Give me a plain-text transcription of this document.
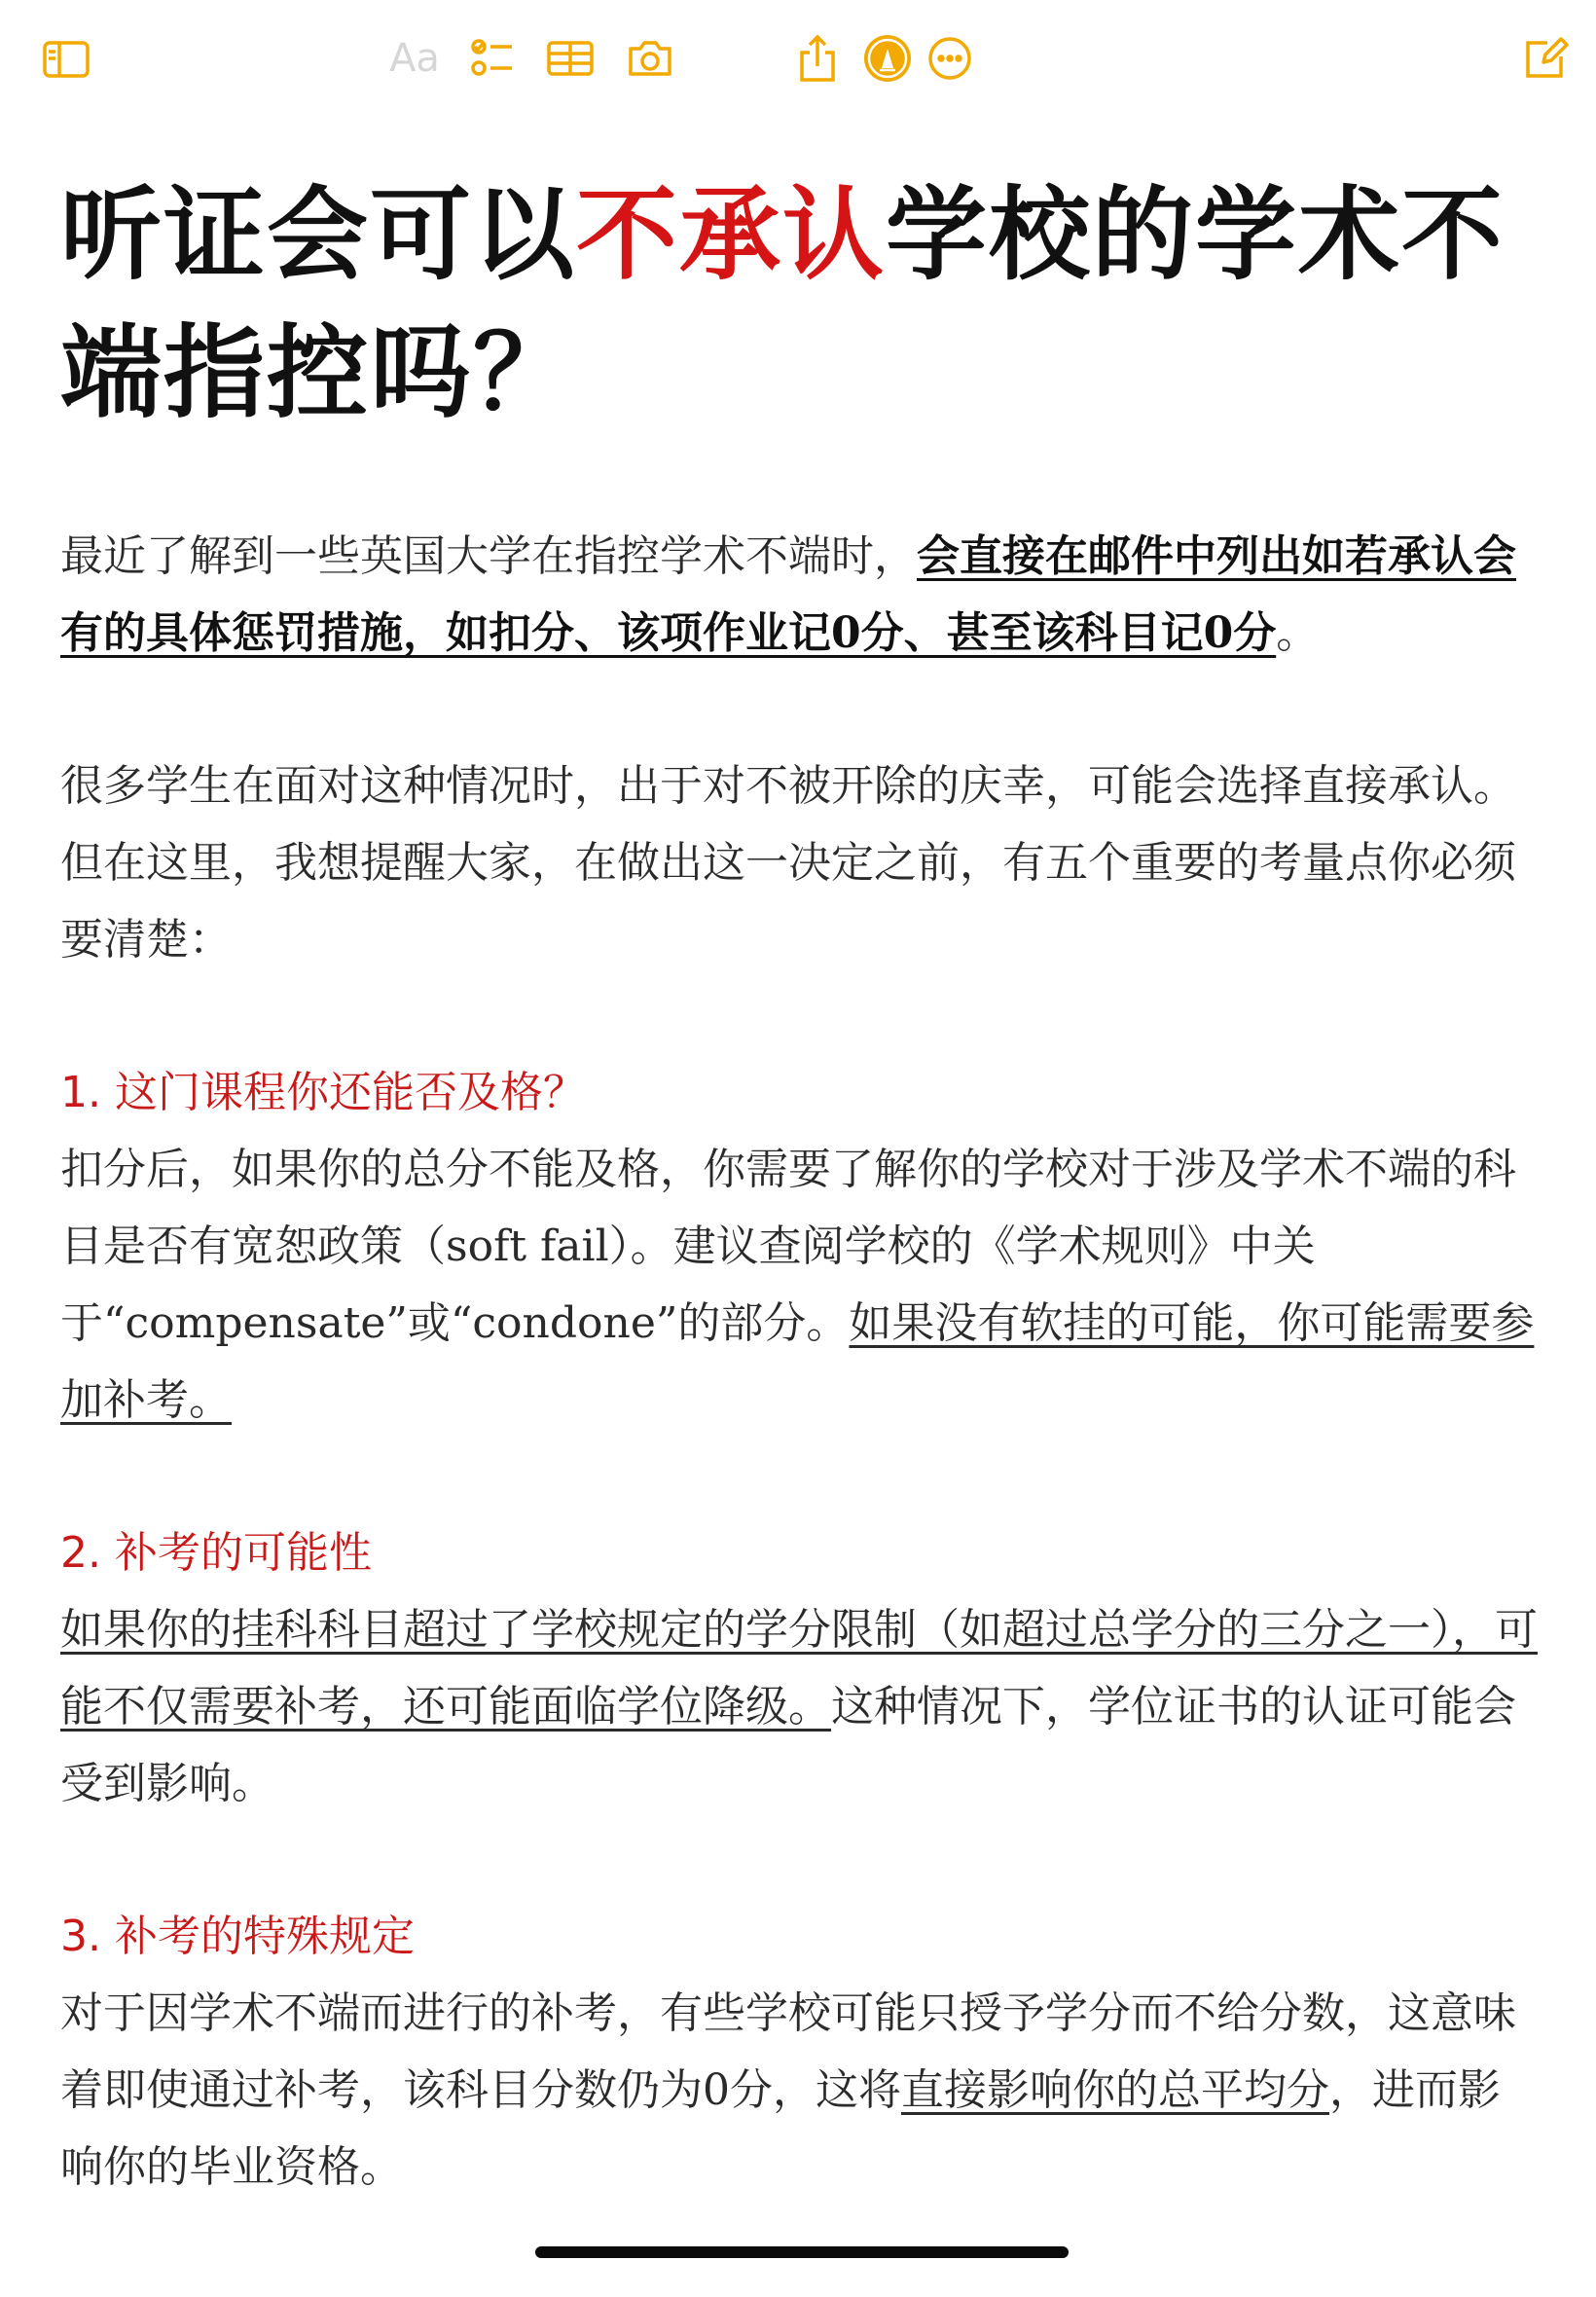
Aa
听证会可以不承认学校的学术不端指控吗？

最近了解到一些英国大学在指控学术不端时，会直接在邮件中列出如若承认会有的具体惩罚措施，如扣分、该项作业记0分、甚至该科目记0分。

很多学生在面对这种情况时，出于对不被开除的庆幸，可能会选择直接承认。但在这里，我想提醒大家，在做出这一决定之前，有五个重要的考量点你必须要清楚：

1. 这门课程你还能否及格？

扣分后，如果你的总分不能及格，你需要了解你的学校对于涉及学术不端的科目是否有宽恕政策（soft fail）。建议查阅学校的《学术规则》中关于“compensate”或“condone”的部分。如果没有软挂的可能，你可能需要参加补考。

2. 补考的可能性

如果你的挂科科目超过了学校规定的学分限制（如超过总学分的三分之一），可能不仅需要补考，还可能面临学位降级。这种情况下，学位证书的认证可能会受到影响。

3. 补考的特殊规定

对于因学术不端而进行的补考，有些学校可能只授予学分而不给分数，这意味着即使通过补考，该科目分数仍为0分，这将直接影响你的总平均分，进而影响你的毕业资格。
